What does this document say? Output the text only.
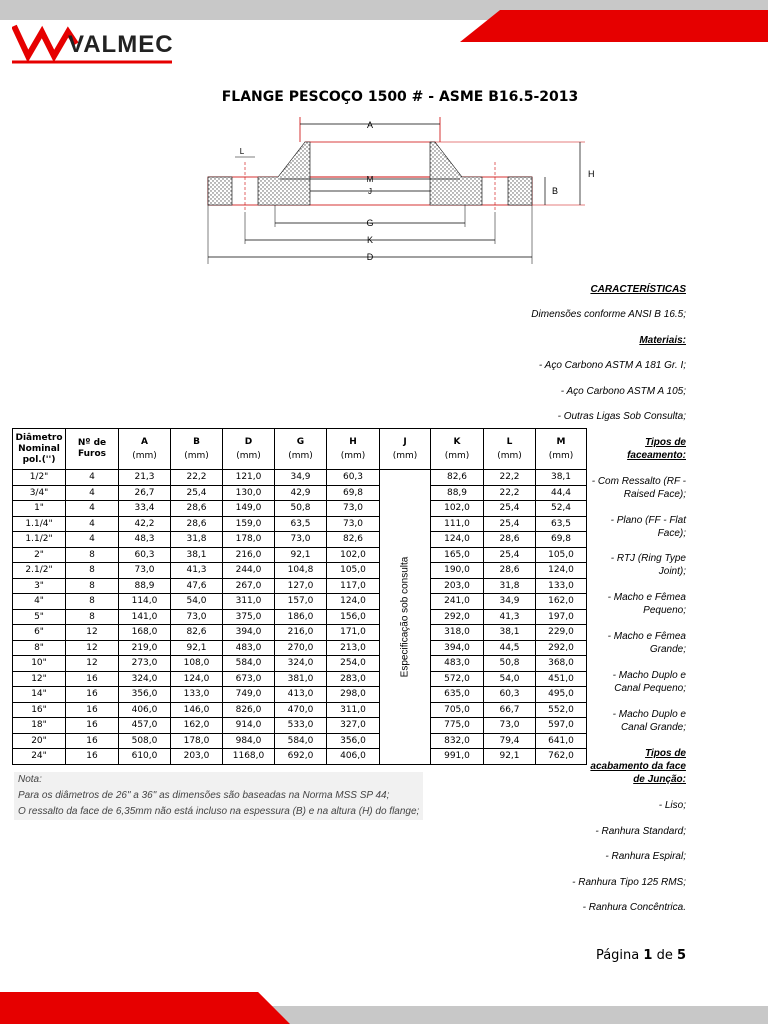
VALMEC
FLANGE PESCOÇO 1500 # - ASME B16.5-2013
A
M
J
L
G
K
D
H
B
CARACTERÍSTICAS
Dimensões conforme ANSI B 16.5;
Materiais:
- Aço Carbono ASTM A 181 Gr. I;
- Aço Carbono ASTM A 105;
- Outras Ligas Sob Consulta;
Tipos de faceamento:
- Com Ressalto (RF - Raised Face);
- Plano (FF - Flat Face);
- RTJ (Ring Type Joint);
- Macho e Fêmea Pequeno;
- Macho e Fêmea Grande;
- Macho Duplo e Canal Pequeno;
- Macho Duplo e Canal Grande;
Tipos de acabamento da face de Junção:
- Liso;
- Ranhura Standard;
- Ranhura Espiral;
- Ranhura Tipo 125 RMS;
- Ranhura Concêntrica.
Diâmetro Nominal pol.('')	Nº de Furos	A
(mm)	B
(mm)	D
(mm)	G
(mm)	H
(mm)	J
(mm)	K
(mm)	L
(mm)	M
(mm)

1/2"	4	21,3	22,2	121,0	34,9	60,3	Especificação sob consulta	82,6	22,2	38,1
3/4"	4	26,7	25,4	130,0	42,9	69,8		88,9	22,2	44,4
1"	4	33,4	28,6	149,0	50,8	73,0		102,0	25,4	52,4
1.1/4"	4	42,2	28,6	159,0	63,5	73,0		111,0	25,4	63,5
1.1/2"	4	48,3	31,8	178,0	73,0	82,6		124,0	28,6	69,8
2"	8	60,3	38,1	216,0	92,1	102,0		165,0	25,4	105,0
2.1/2"	8	73,0	41,3	244,0	104,8	105,0		190,0	28,6	124,0
3"	8	88,9	47,6	267,0	127,0	117,0		203,0	31,8	133,0
4"	8	114,0	54,0	311,0	157,0	124,0		241,0	34,9	162,0
5"	8	141,0	73,0	375,0	186,0	156,0		292,0	41,3	197,0
6"	12	168,0	82,6	394,0	216,0	171,0		318,0	38,1	229,0
8"	12	219,0	92,1	483,0	270,0	213,0		394,0	44,5	292,0
10"	12	273,0	108,0	584,0	324,0	254,0		483,0	50,8	368,0
12"	16	324,0	124,0	673,0	381,0	283,0		572,0	54,0	451,0
14"	16	356,0	133,0	749,0	413,0	298,0		635,0	60,3	495,0
16"	16	406,0	146,0	826,0	470,0	311,0		705,0	66,7	552,0
18"	16	457,0	162,0	914,0	533,0	327,0		775,0	73,0	597,0
20"	16	508,0	178,0	984,0	584,0	356,0		832,0	79,4	641,0
24"	16	610,0	203,0	1168,0	692,0	406,0		991,0	92,1	762,0
Nota:
Para os diâmetros de 26" a 36" as dimensões são baseadas na Norma MSS SP 44;
O ressalto da face de 6,35mm não está incluso na espessura (B) e na altura (H) do flange;
Página 1 de 5
